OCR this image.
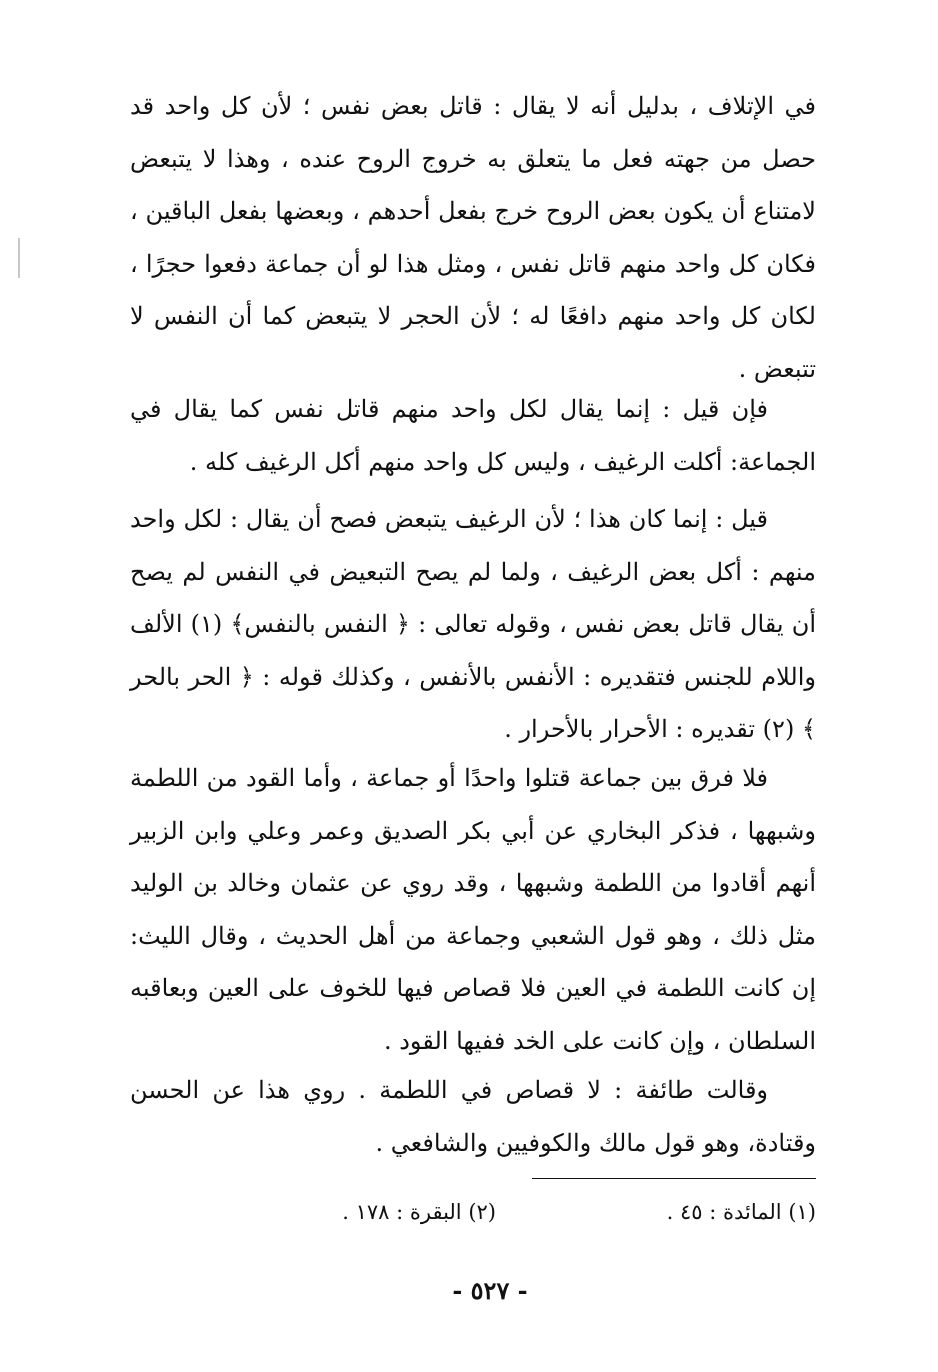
في الإتلاف ، بدليل أنه لا يقال : قاتل بعض نفس ؛ لأن كل واحد قد حصل من جهته فعل ما يتعلق به خروج الروح عنده ، وهذا لا يتبعض لامتناع أن يكون بعض الروح خرج بفعل أحدهم ، وبعضها بفعل الباقين ، فكان كل واحد منهم قاتل نفس ، ومثل هذا لو أن جماعة دفعوا حجرًا ، لكان كل واحد منهم دافعًا له ؛ لأن الحجر لا يتبعض كما أن النفس لا تتبعض .

فإن قيل : إنما يقال لكل واحد منهم قاتل نفس كما يقال في الجماعة: أكلت الرغيف ، وليس كل واحد منهم أكل الرغيف كله .

قيل : إنما كان هذا ؛ لأن الرغيف يتبعض فصح أن يقال : لكل واحد منهم : أكل بعض الرغيف ، ولما لم يصح التبعيض في النفس لم يصح أن يقال قاتل بعض نفس ، وقوله تعالى : ﴿ النفس بالنفس﴾ (١) الألف واللام للجنس فتقديره : الأنفس بالأنفس ، وكذلك قوله : ﴿ الحر بالحر ﴾ (٢) تقديره : الأحرار بالأحرار .

فلا فرق بين جماعة قتلوا واحدًا أو جماعة ، وأما القود من اللطمة وشبهها ، فذكر البخاري عن أبي بكر الصديق وعمر وعلي وابن الزبير أنهم أقادوا من اللطمة وشبهها ، وقد روي عن عثمان وخالد بن الوليد مثل ذلك ، وهو قول الشعبي وجماعة من أهل الحديث ، وقال الليث: إن كانت اللطمة في العين فلا قصاص فيها للخوف على العين وبعاقبه السلطان ، وإن كانت على الخد ففيها القود .

وقالت طائفة : لا قصاص في اللطمة . روي هذا عن الحسن وقتادة، وهو قول مالك والكوفيين والشافعي .

(١) المائدة : ٤٥ .
(٢) البقرة : ١٧٨ .
- ٥٢٧ -
